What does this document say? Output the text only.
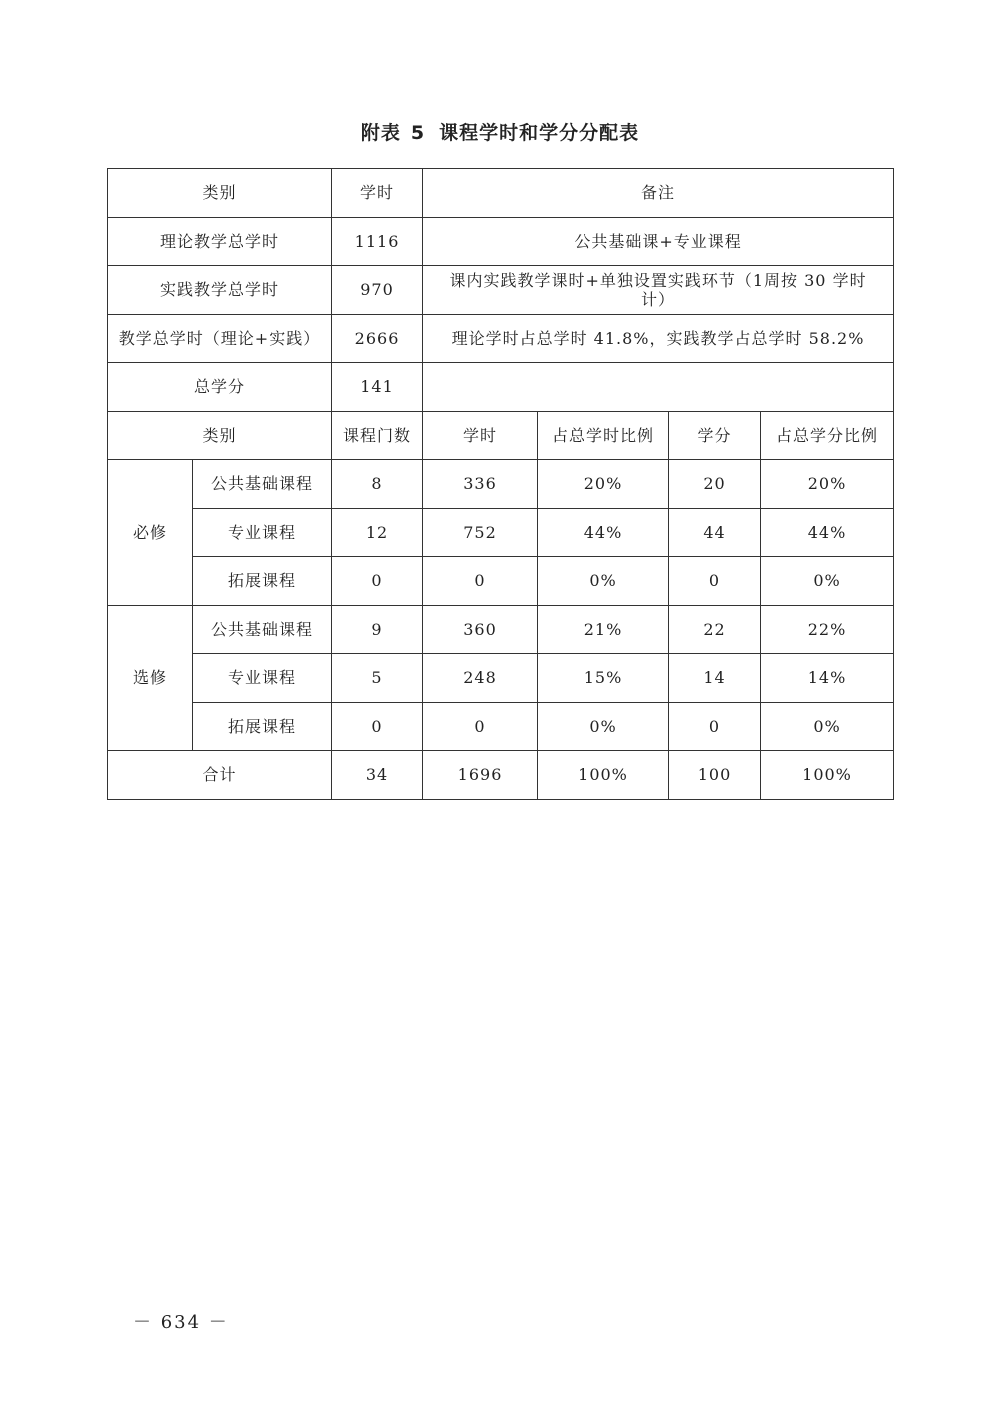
附表 5 课程学时和学分分配表
类别		学时	备注			
理论教学总学时		1116	公共基础课+专业课程			
实践教学总学时		970	课内实践教学课时+单独设置实践环节（1周按 30 学时计）			
教学总学时（理论+实践）		2666	理论学时占总学时 41.8%，实践教学占总学时 58.2%			
总学分		141				
类别		课程门数	学时	占总学时比例	学分	占总学分比例
必修	公共基础课程	8	336	20%	20	20%
	专业课程	12	752	44%	44	44%
	拓展课程	0	0	0%	0	0%
选修	公共基础课程	9	360	21%	22	22%
	专业课程	5	248	15%	14	14%
	拓展课程	0	0	0%	0	0%
合计		34	1696	100%	100	100%
－ 634 －
